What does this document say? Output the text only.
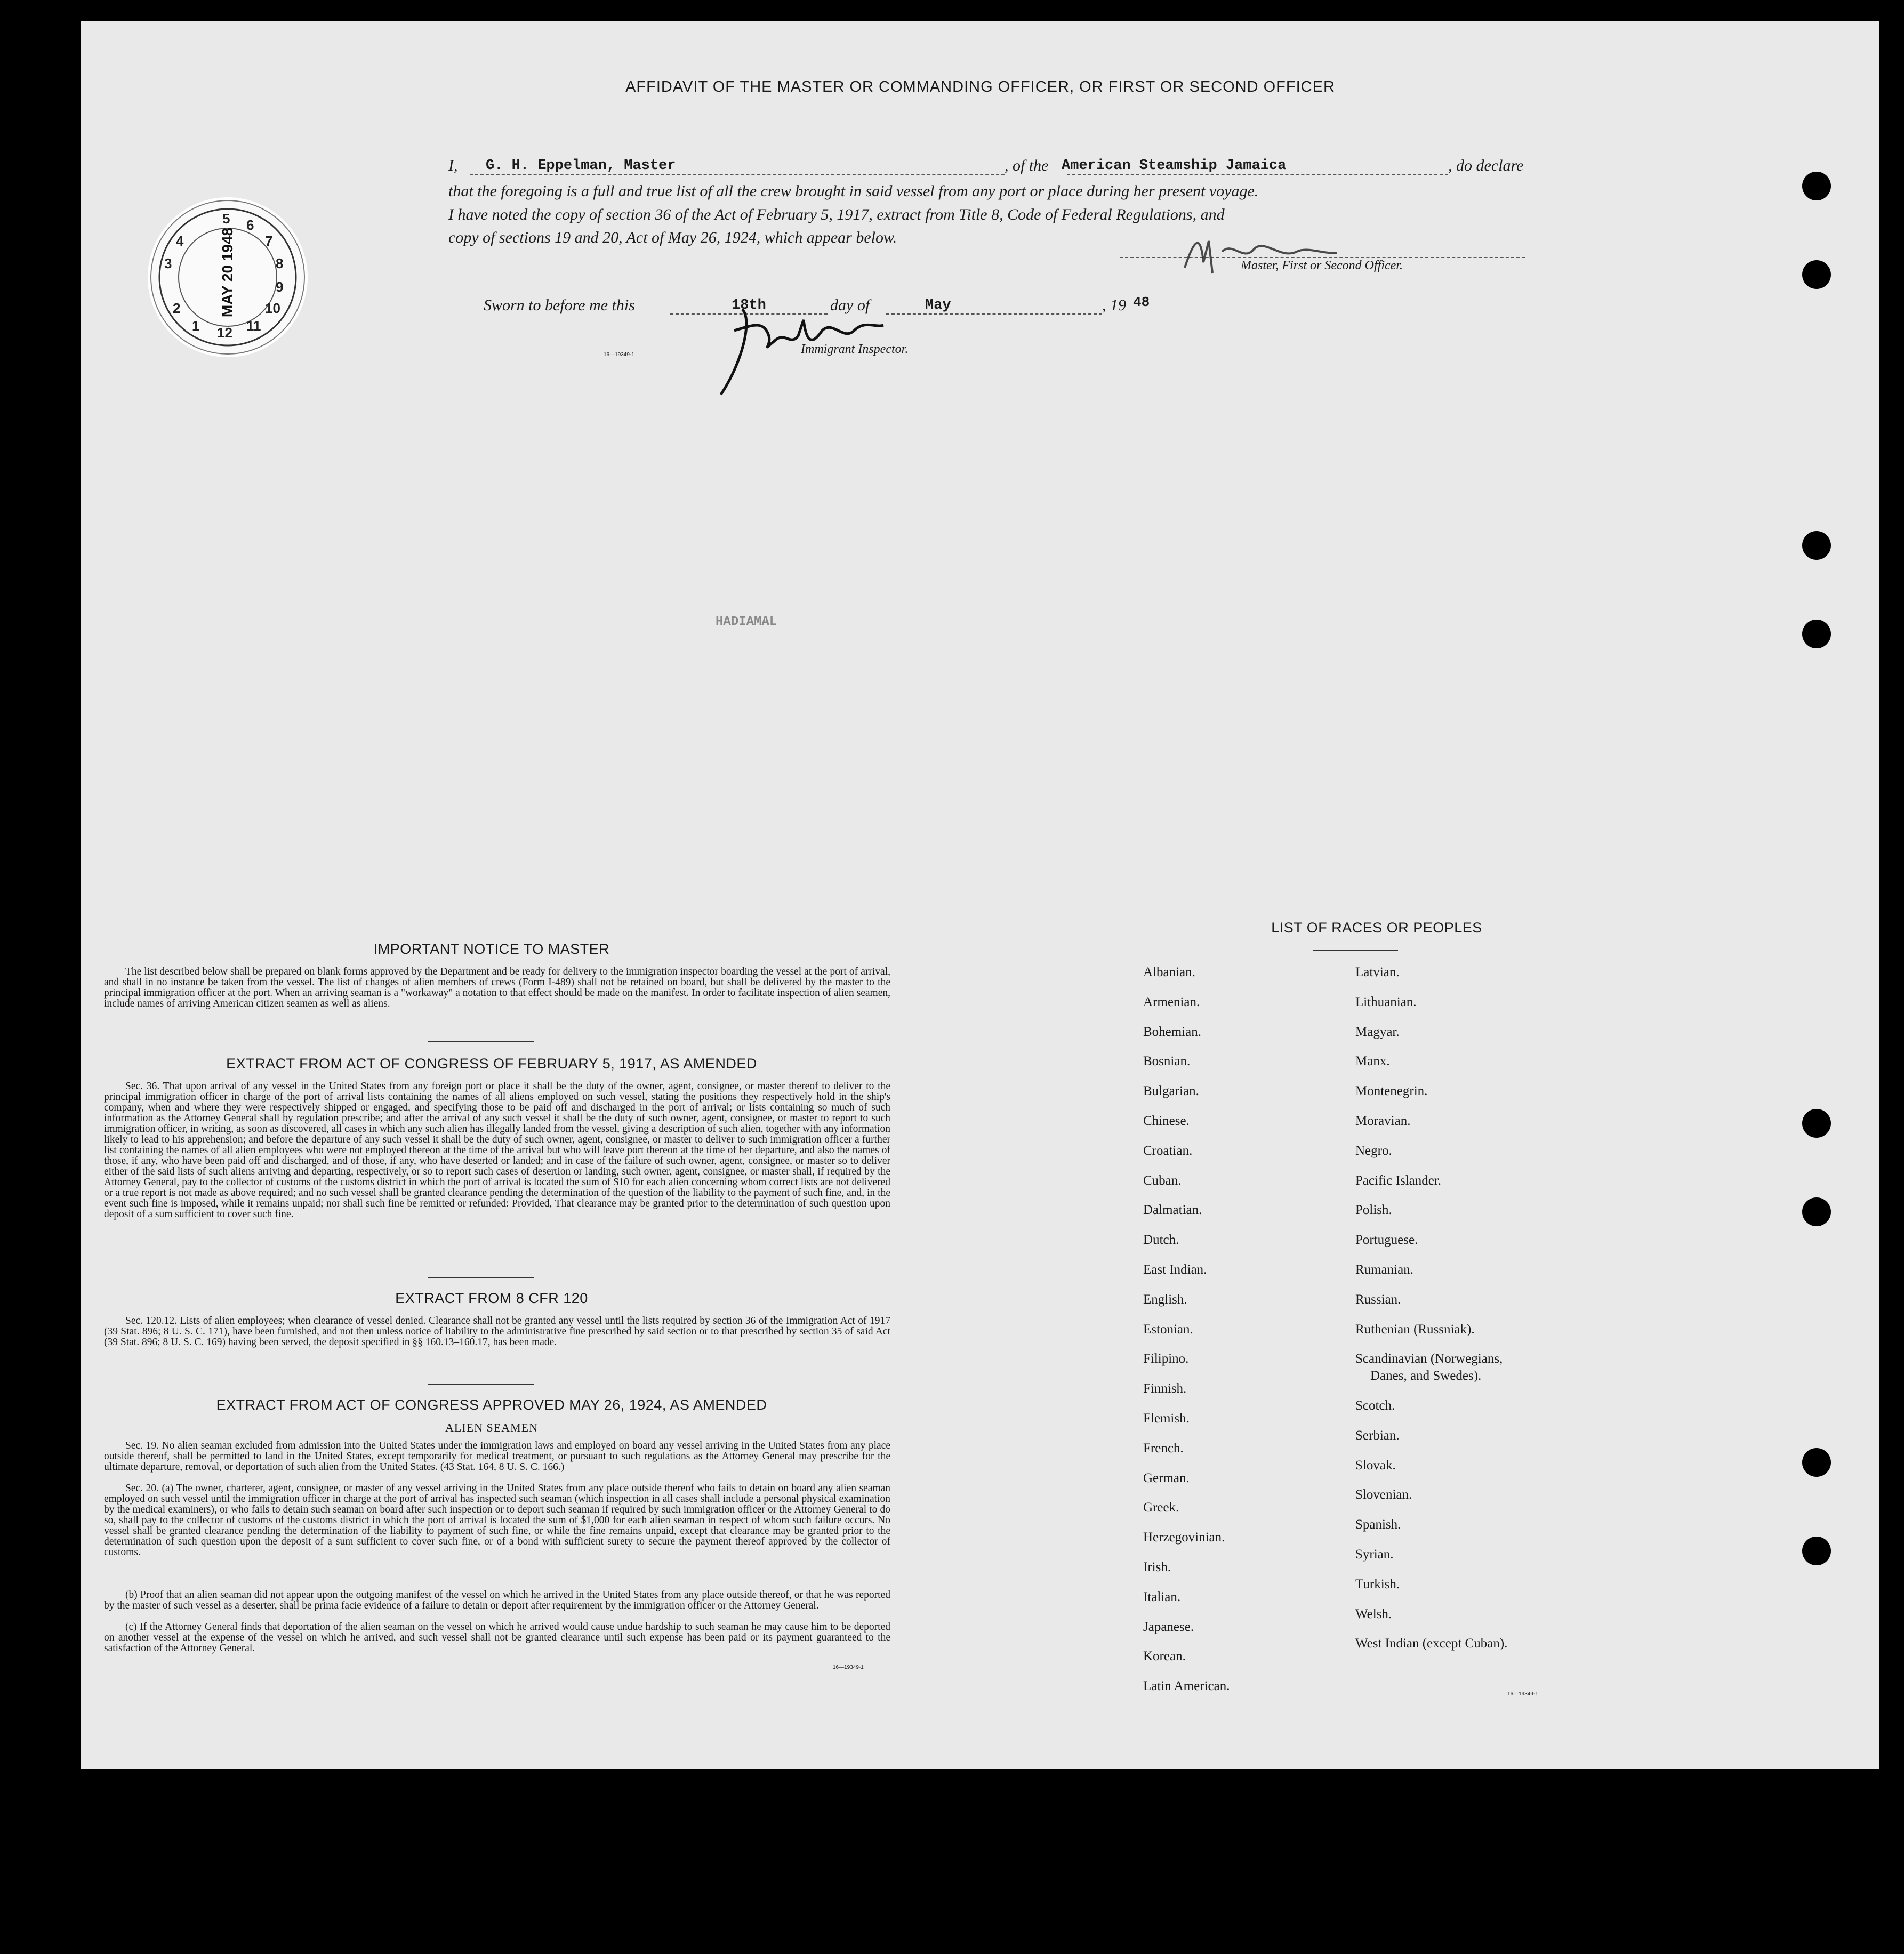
AFFIDAVIT OF THE MASTER OR COMMANDING OFFICER, OR FIRST OR SECOND OFFICER
I, G. H. Eppelman, Master	, of the American Steamship Jamaica	, do declare
that the foregoing is a full and true list of all the crew brought in said vessel from any port or place during her present voyage.
I have noted the copy of section 36 of the Act of February 5, 1917, extract from Title 8, Code of Federal Regulations, and
copy of sections 19 and 20, Act of May 26, 1924, which appear below.
Master, First or Second Officer.
Sworn to before me this	18th	day of	May	, 19 48
Immigrant Inspector.
16—19349-1
5 6
7
8
9
10
11
12
1
2
3
4 MAY 20 1948
HADIAMAL
IMPORTANT NOTICE TO MASTER
The list described below shall be prepared on blank forms approved by the Department and be ready for delivery to the immigration inspector boarding the vessel at the port of arrival, and shall in no instance be taken from the vessel. The list of changes of alien members of crews (Form I-489) shall not be retained on board, but shall be delivered by the master to the principal immigration officer at the port. When an arriving seaman is a "workaway" a notation to that effect should be made on the manifest. In order to facilitate inspection of alien seamen, include names of arriving American citizen seamen as well as aliens.
EXTRACT FROM ACT OF CONGRESS OF FEBRUARY 5, 1917, AS AMENDED
Sec. 36. That upon arrival of any vessel in the United States from any foreign port or place it shall be the duty of the owner, agent, consignee, or master thereof to deliver to the principal immigration officer in charge of the port of arrival lists containing the names of all aliens employed on such vessel, stating the positions they respectively hold in the ship's company, when and where they were respectively shipped or engaged, and specifying those to be paid off and discharged in the port of arrival; or lists containing so much of such information as the Attorney General shall by regulation prescribe; and after the arrival of any such vessel it shall be the duty of such owner, agent, consignee, or master to report to such immigration officer, in writing, as soon as discovered, all cases in which any such alien has illegally landed from the vessel, giving a description of such alien, together with any information likely to lead to his apprehension; and before the departure of any such vessel it shall be the duty of such owner, agent, consignee, or master to deliver to such immigration officer a further list containing the names of all alien employees who were not employed thereon at the time of the arrival but who will leave port thereon at the time of her departure, and also the names of those, if any, who have been paid off and discharged, and of those, if any, who have deserted or landed; and in case of the failure of such owner, agent, consignee, or master so to deliver either of the said lists of such aliens arriving and departing, respectively, or so to report such cases of desertion or landing, such owner, agent, consignee, or master shall, if required by the Attorney General, pay to the collector of customs of the customs district in which the port of arrival is located the sum of $10 for each alien concerning whom correct lists are not delivered or a true report is not made as above required; and no such vessel shall be granted clearance pending the determination of the question of the liability to the payment of such fine, and, in the event such fine is imposed, while it remains unpaid; nor shall such fine be remitted or refunded: Provided, That clearance may be granted prior to the determination of such question upon deposit of a sum sufficient to cover such fine.
EXTRACT FROM 8 CFR 120
Sec. 120.12. Lists of alien employees; when clearance of vessel denied. Clearance shall not be granted any vessel until the lists required by section 36 of the Immigration Act of 1917 (39 Stat. 896; 8 U. S. C. 171), have been furnished, and not then unless notice of liability to the administrative fine prescribed by said section or to that prescribed by section 35 of said Act (39 Stat. 896; 8 U. S. C. 169) having been served, the deposit specified in §§ 160.13–160.17, has been made.
EXTRACT FROM ACT OF CONGRESS APPROVED MAY 26, 1924, AS AMENDED
ALIEN SEAMEN
Sec. 19. No alien seaman excluded from admission into the United States under the immigration laws and employed on board any vessel arriving in the United States from any place outside thereof, shall be permitted to land in the United States, except temporarily for medical treatment, or pursuant to such regulations as the Attorney General may prescribe for the ultimate departure, removal, or deportation of such alien from the United States. (43 Stat. 164, 8 U. S. C. 166.)
Sec. 20. (a) The owner, charterer, agent, consignee, or master of any vessel arriving in the United States from any place outside thereof who fails to detain on board any alien seaman employed on such vessel until the immigration officer in charge at the port of arrival has inspected such seaman (which inspection in all cases shall include a personal physical examination by the medical examiners), or who fails to detain such seaman on board after such inspection or to deport such seaman if required by such immigration officer or the Attorney General to do so, shall pay to the collector of customs of the customs district in which the port of arrival is located the sum of $1,000 for each alien seaman in respect of whom such failure occurs. No vessel shall be granted clearance pending the determination of the liability to payment of such fine, or while the fine remains unpaid, except that clearance may be granted prior to the determination of such question upon the deposit of a sum sufficient to cover such fine, or of a bond with sufficient surety to secure the payment thereof approved by the collector of customs.
(b) Proof that an alien seaman did not appear upon the outgoing manifest of the vessel on which he arrived in the United States from any place outside thereof, or that he was reported by the master of such vessel as a deserter, shall be prima facie evidence of a failure to detain or deport after requirement by the immigration officer or the Attorney General.
(c) If the Attorney General finds that deportation of the alien seaman on the vessel on which he arrived would cause undue hardship to such seaman he may cause him to be deported on another vessel at the expense of the vessel on which he arrived, and such vessel shall not be granted clearance until such expense has been paid or its payment guaranteed to the satisfaction of the Attorney General.
16—19349-1
LIST OF RACES OR PEOPLES
Albanian.
Armenian.
Bohemian.
Bosnian.
Bulgarian.
Chinese.
Croatian.
Cuban.
Dalmatian.
Dutch.
East Indian.
English.
Estonian.
Filipino.
Finnish.
Flemish.
French.
German.
Greek.
Herzegovinian.
Irish.
Italian.
Japanese.
Korean.
Latin American.
Latvian.
Lithuanian.
Magyar.
Manx.
Montenegrin.
Moravian.
Negro.
Pacific Islander.
Polish.
Portuguese.
Rumanian.
Russian.
Ruthenian (Russniak).
Scandinavian (Norwegians,
Danes, and Swedes).
Scotch.
Serbian.
Slovak.
Slovenian.
Spanish.
Syrian.
Turkish.
Welsh.
West Indian (except Cuban).
16—19349-1
